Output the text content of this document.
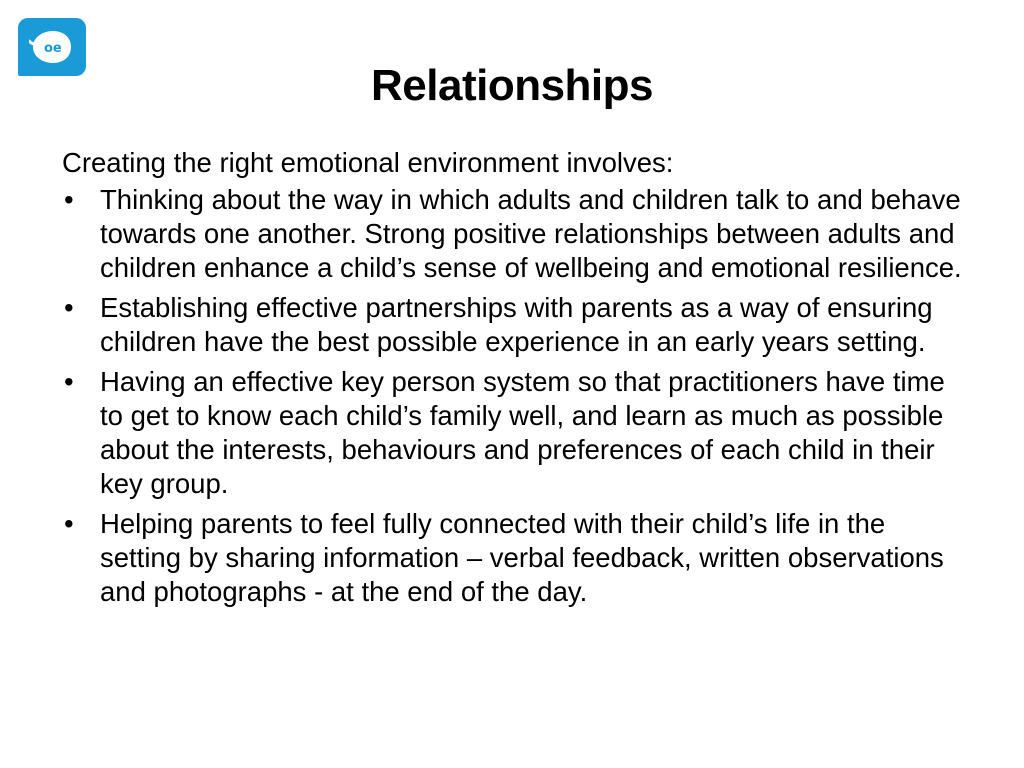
oe
Relationships

Creating the right emotional environment involves:

• Thinking about the way in which adults and children talk to and behave towards one another. Strong positive relationships between adults and children enhance a child’s sense of wellbeing and emotional resilience.
• Establishing effective partnerships with parents as a way of ensuring children have the best possible experience in an early years setting.
• Having an effective key person system so that practitioners have time to get to know each child’s family well, and learn as much as possible about the interests, behaviours and preferences of each child in their key group.
• Helping parents to feel fully connected with their child’s life in the setting by sharing information – verbal feedback, written observations and photographs - at the end of the day.
